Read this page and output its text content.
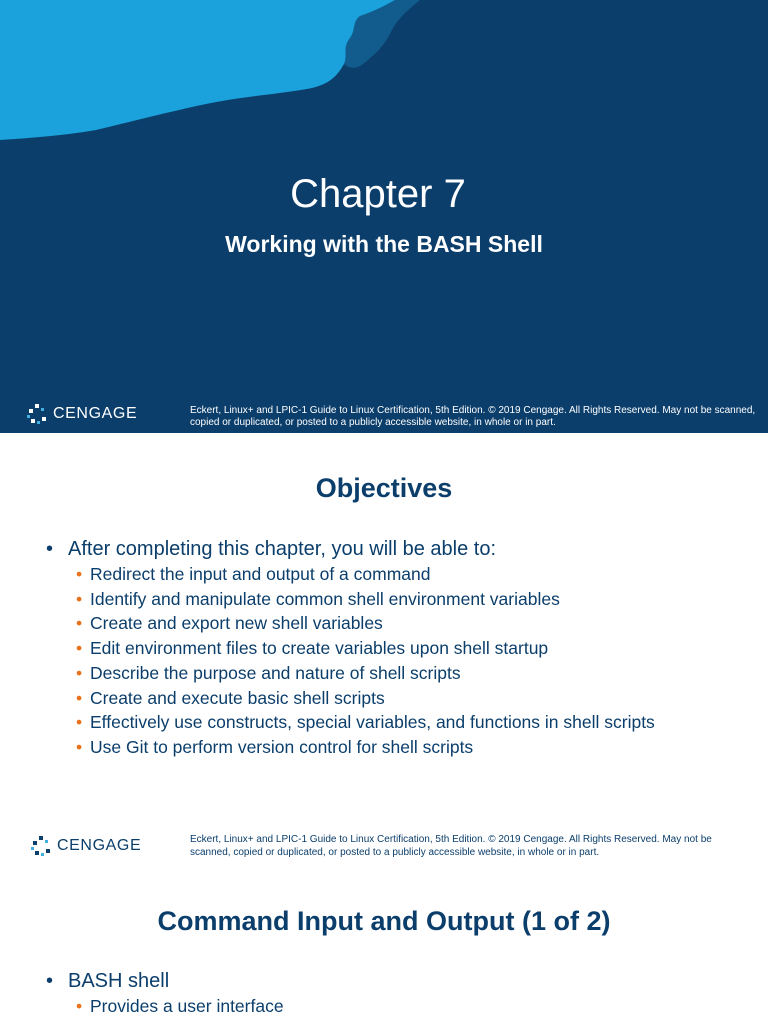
Chapter 7
Working with the BASH Shell
CENGAGE	Eckert, Linux+ and LPIC-1 Guide to Linux Certification, 5th Edition. © 2019 Cengage. All Rights Reserved. May not be scanned, copied or duplicated, or posted to a publicly accessible website, in whole or in part.
Objectives
• After completing this chapter, you will be able to:
• Redirect the input and output of a command
• Identify and manipulate common shell environment variables
• Create and export new shell variables
• Edit environment files to create variables upon shell startup
• Describe the purpose and nature of shell scripts
• Create and execute basic shell scripts
• Effectively use constructs, special variables, and functions in shell scripts
• Use Git to perform version control for shell scripts
CENGAGE	Eckert, Linux+ and LPIC-1 Guide to Linux Certification, 5th Edition. © 2019 Cengage. All Rights Reserved. May not be scanned, copied or duplicated, or posted to a publicly accessible website, in whole or in part.
Command Input and Output (1 of 2)
• BASH shell
• Provides a user interface
